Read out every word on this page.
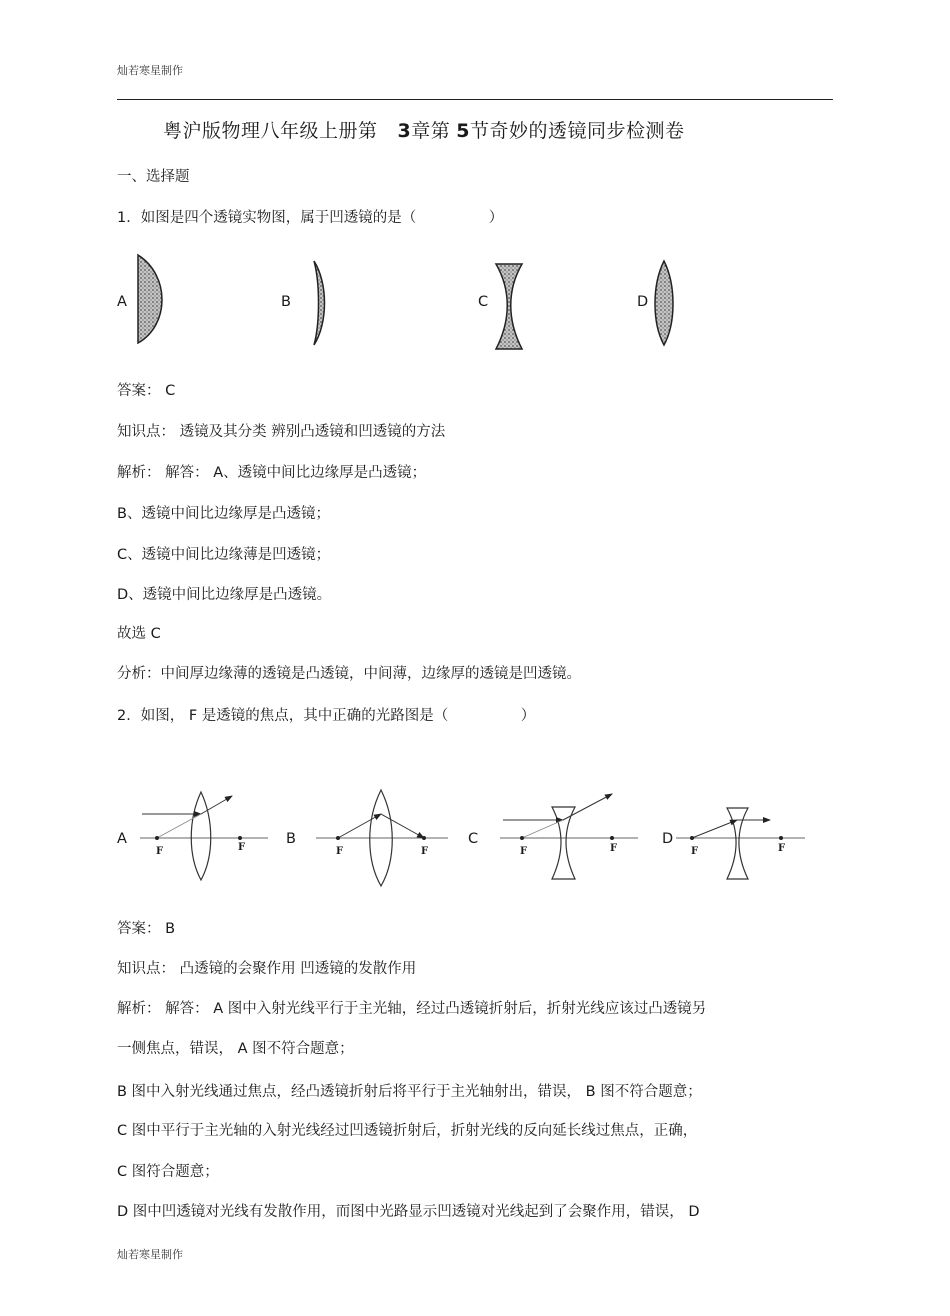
灿若寒星制作
粤沪版物理八年级上册第 3章第 5节奇妙的透镜同步检测卷
一、选择题
1．如图是四个透镜实物图，属于凹透镜的是（　　　　　）
A	B	C	D
答案： C
知识点： 透镜及其分类 辨别凸透镜和凹透镜的方法
解析： 解答： A、透镜中间比边缘厚是凸透镜；
B、透镜中间比边缘厚是凸透镜；
C、透镜中间比边缘薄是凹透镜；
D、透镜中间比边缘厚是凸透镜。
故选 C
分析：中间厚边缘薄的透镜是凸透镜，中间薄，边缘厚的透镜是凹透镜。
2．如图， F 是透镜的焦点，其中正确的光路图是（　　　　　）
A	B	C	D
F	F	F	F	F	F	F	F
答案： B
知识点： 凸透镜的会聚作用 凹透镜的发散作用
解析： 解答： A 图中入射光线平行于主光轴，经过凸透镜折射后，折射光线应该过凸透镜另
一侧焦点，错误， A 图不符合题意；
B 图中入射光线通过焦点，经凸透镜折射后将平行于主光轴射出，错误， B 图不符合题意；
C 图中平行于主光轴的入射光线经过凹透镜折射后，折射光线的反向延长线过焦点，正确，
C 图符合题意；
D 图中凹透镜对光线有发散作用，而图中光路显示凹透镜对光线起到了会聚作用，错误， D
灿若寒星制作
